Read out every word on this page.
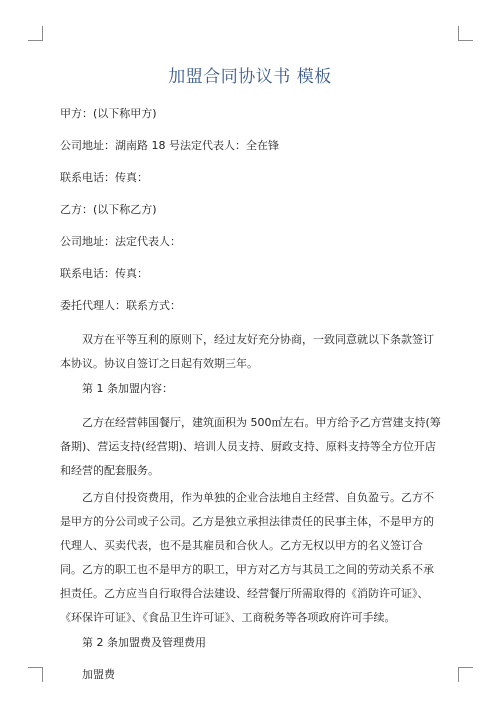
加盟合同协议书 模板

甲方：(以下称甲方)

公司地址：湖南路 18 号法定代表人：全在锋

联系电话：传真：

乙方：(以下称乙方)

公司地址：法定代表人：

联系电话：传真：

委托代理人：联系方式：

双方在平等互利的原则下，经过友好充分协商，一致同意就以下条款签订本协议。协议自签订之日起有效期三年。

第 1 条加盟内容：

乙方在经营韩国餐厅，建筑面积为 500㎡左右。甲方给予乙方营建支持(筹备期)、营运支持(经营期)、培训人员支持、厨政支持、原料支持等全方位开店和经营的配套服务。

乙方自付投资费用，作为单独的企业合法地自主经营、自负盈亏。乙方不是甲方的分公司或子公司。乙方是独立承担法律责任的民事主体，不是甲方的代理人、买卖代表，也不是其雇员和合伙人。乙方无权以甲方的名义签订合同。乙方的职工也不是甲方的职工，甲方对乙方与其员工之间的劳动关系不承担责任。乙方应当自行取得合法建设、经营餐厅所需取得的《消防许可证》、《环保许可证》、《食品卫生许可证》、工商税务等各项政府许可手续。

第 2 条加盟费及管理费用

加盟费
